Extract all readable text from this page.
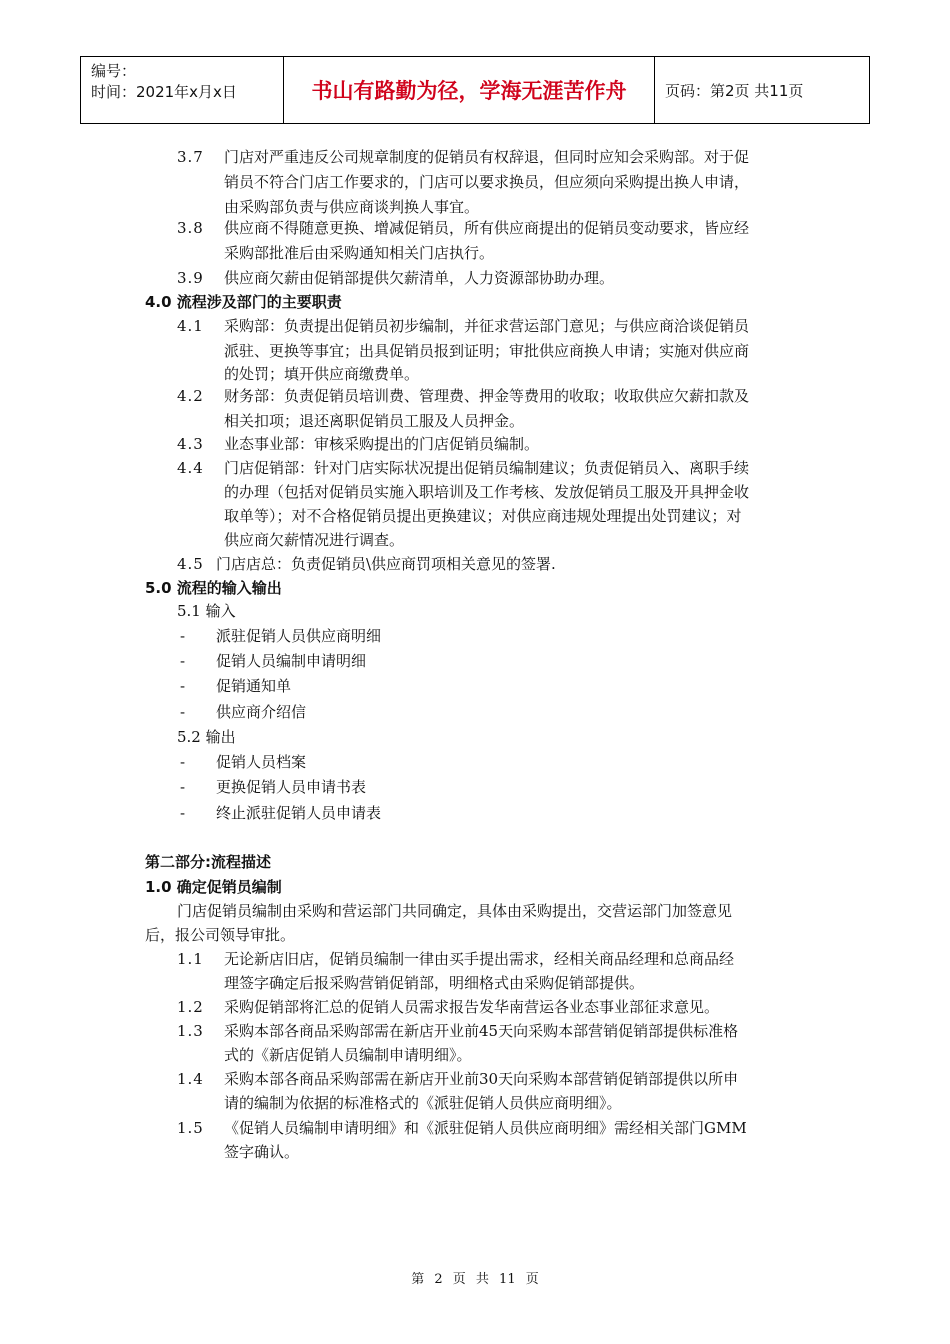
编号：
时间：2021年x月x日	书山有路勤为径，学海无涯苦作舟	页码：第2页 共11页
3.7 门店对严重违反公司规章制度的促销员有权辞退，但同时应知会采购部。对于促
销员不符合门店工作要求的，门店可以要求换员，但应须向采购提出换人申请，
由采购部负责与供应商谈判换人事宜。
3.8 供应商不得随意更换、增减促销员，所有供应商提出的促销员变动要求，皆应经
采购部批准后由采购通知相关门店执行。
3.9 供应商欠薪由促销部提供欠薪清单，人力资源部协助办理。
4.0 流程涉及部门的主要职责
4.1 采购部：负责提出促销员初步编制，并征求营运部门意见；与供应商洽谈促销员
派驻、更换等事宜；出具促销员报到证明；审批供应商换人申请；实施对供应商
的处罚；填开供应商缴费单。
4.2 财务部：负责促销员培训费、管理费、押金等费用的收取；收取供应欠薪扣款及
相关扣项；退还离职促销员工服及人员押金。
4.3 业态事业部：审核采购提出的门店促销员编制。
4.4 门店促销部：针对门店实际状况提出促销员编制建议；负责促销员入、离职手续
的办理（包括对促销员实施入职培训及工作考核、发放促销员工服及开具押金收
取单等）；对不合格促销员提出更换建议；对供应商违规处理提出处罚建议；对
供应商欠薪情况进行调查。
4.5 门店店总：负责促销员\供应商罚项相关意见的签署.
5.0 流程的输入输出
5.1 输入
- 派驻促销人员供应商明细
- 促销人员编制申请明细
- 促销通知单
- 供应商介绍信
5.2 输出
- 促销人员档案
- 更换促销人员申请书表
- 终止派驻促销人员申请表
第二部分:流程描述
1.0 确定促销员编制
门店促销员编制由采购和营运部门共同确定，具体由采购提出，交营运部门加签意见
后，报公司领导审批。
1.1 无论新店旧店，促销员编制一律由买手提出需求，经相关商品经理和总商品经
理签字确定后报采购营销促销部，明细格式由采购促销部提供。
1.2 采购促销部将汇总的促销人员需求报告发华南营运各业态事业部征求意见。
1.3 采购本部各商品采购部需在新店开业前45天向采购本部营销促销部提供标准格
式的《新店促销人员编制申请明细》。
1.4 采购本部各商品采购部需在新店开业前30天向采购本部营销促销部提供以所申
请的编制为依据的标准格式的《派驻促销人员供应商明细》。
1.5 《促销人员编制申请明细》和《派驻促销人员供应商明细》需经相关部门GMM
签字确认。
第 2 页 共 11 页
